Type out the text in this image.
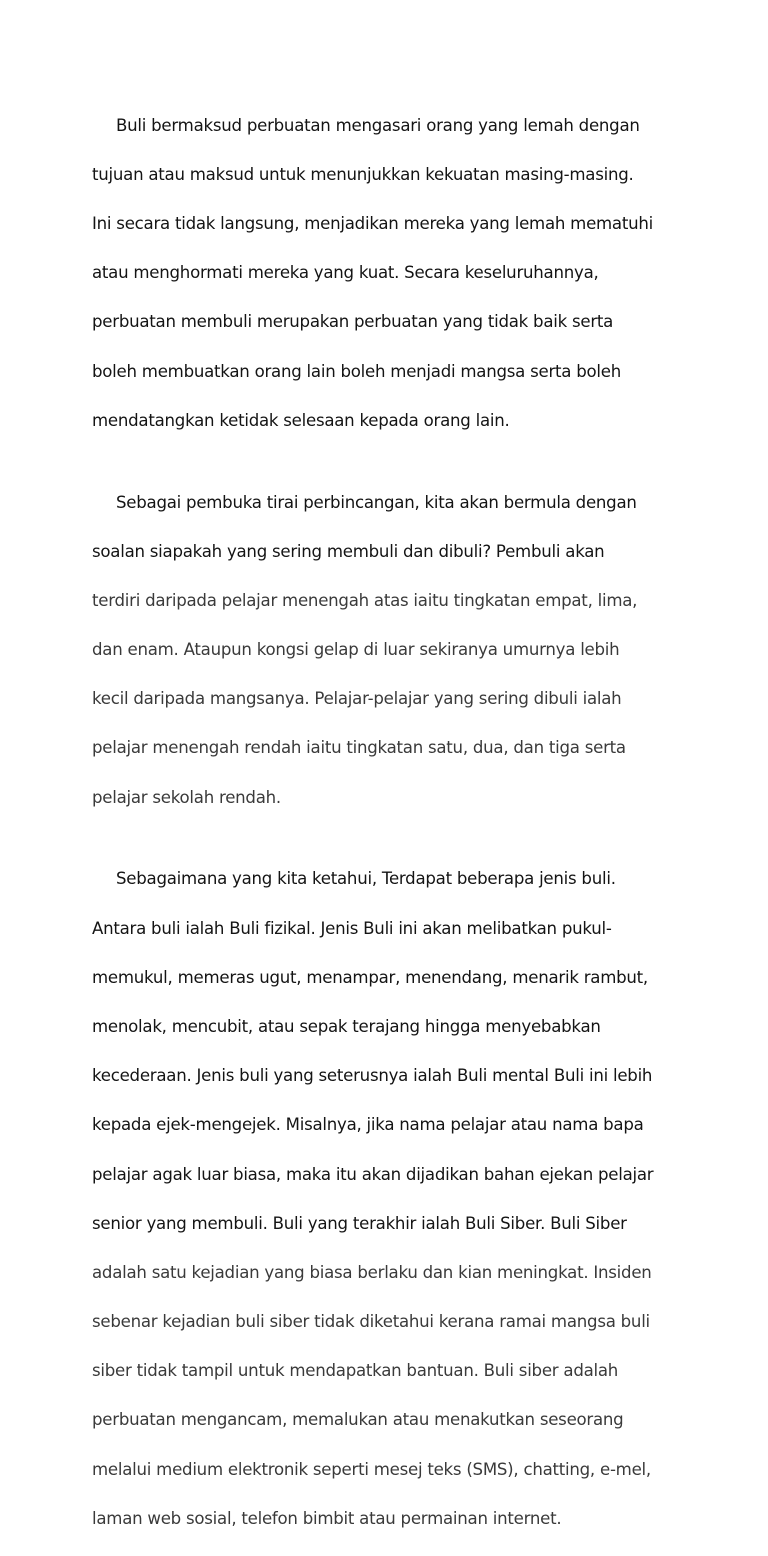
Buli bermaksud perbuatan mengasari orang yang lemah dengan

tujuan atau maksud untuk menunjukkan kekuatan masing-masing.

Ini secara tidak langsung, menjadikan mereka yang lemah mematuhi

atau menghormati mereka yang kuat. Secara keseluruhannya,

perbuatan membuli merupakan perbuatan yang tidak baik serta

boleh membuatkan orang lain boleh menjadi mangsa serta boleh

mendatangkan ketidak selesaan kepada orang lain.

Sebagai pembuka tirai perbincangan, kita akan bermula dengan

soalan siapakah yang sering membuli dan dibuli? Pembuli akan

terdiri daripada pelajar menengah atas iaitu tingkatan empat, lima,

dan enam. Ataupun kongsi gelap di luar sekiranya umurnya lebih

kecil daripada mangsanya. Pelajar-pelajar yang sering dibuli ialah

pelajar menengah rendah iaitu tingkatan satu, dua, dan tiga serta

pelajar sekolah rendah.

Sebagaimana yang kita ketahui, Terdapat beberapa jenis buli.

Antara buli ialah Buli fizikal. Jenis Buli ini akan melibatkan pukul-

memukul, memeras ugut, menampar, menendang, menarik rambut,

menolak, mencubit, atau sepak terajang hingga menyebabkan

kecederaan. Jenis buli yang seterusnya ialah Buli mental Buli ini lebih

kepada ejek-mengejek. Misalnya, jika nama pelajar atau nama bapa

pelajar agak luar biasa, maka itu akan dijadikan bahan ejekan pelajar

senior yang membuli. Buli yang terakhir ialah Buli Siber. Buli Siber

adalah satu kejadian yang biasa berlaku dan kian meningkat. Insiden

sebenar kejadian buli siber tidak diketahui kerana ramai mangsa buli

siber tidak tampil untuk mendapatkan bantuan. Buli siber adalah

perbuatan mengancam, memalukan atau menakutkan seseorang

melalui medium elektronik seperti mesej teks (SMS), chatting, e-mel,

laman web sosial, telefon bimbit atau permainan internet.
